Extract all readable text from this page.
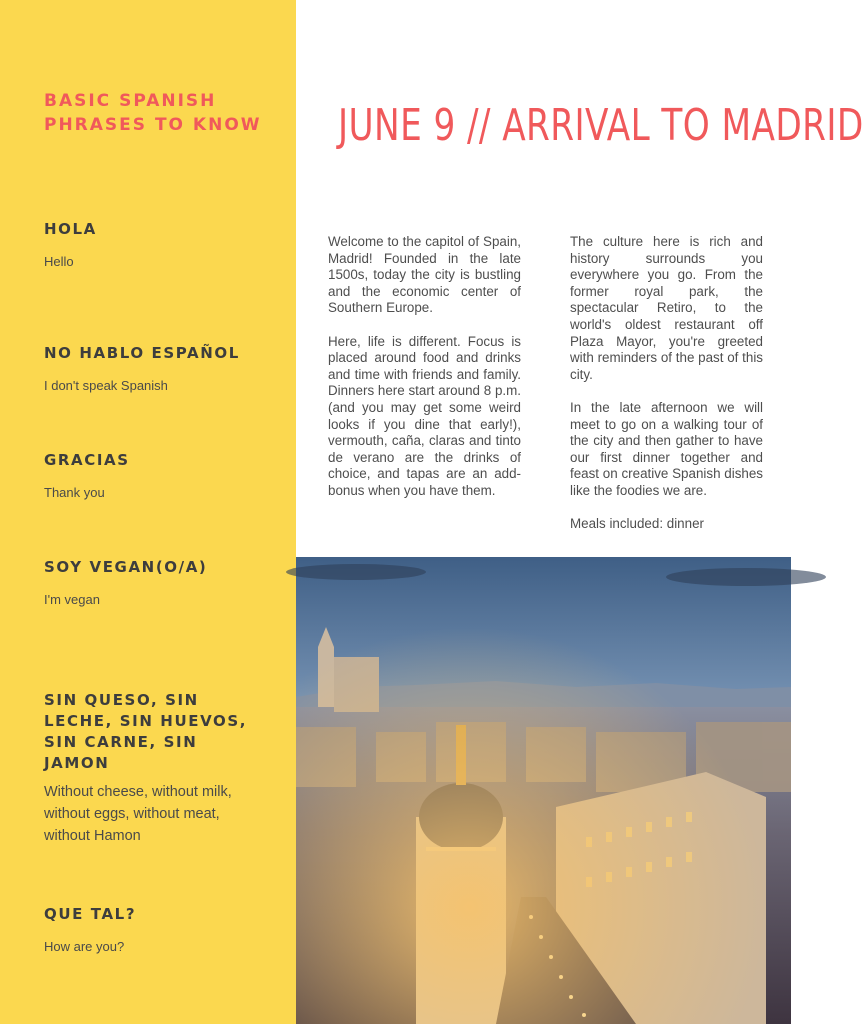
BASIC SPANISH PHRASES TO KNOW
HOLA

Hello

NO HABLO ESPAÑOL

I don't speak Spanish

GRACIAS

Thank you

SOY VEGAN(O/A)

I'm vegan

SIN QUESO, SIN LECHE, SIN HUEVOS, SIN CARNE, SIN JAMON

Without cheese, without milk, without eggs, without meat, without Hamon

QUE TAL?

How are you?

JUNE 9 // ARRIVAL TO MADRID

Welcome to the capitol of Spain, Madrid! Founded in the late 1500s, today the city is bustling and the economic center of Southern Europe.

Here, life is different. Focus is placed around food and drinks and time with friends and family. Dinners here start around 8 p.m. (and you may get some weird looks if you dine that early!), vermouth, caña, claras and tinto de verano are the drinks of choice, and tapas are an add-bonus when you have them.

The culture here is rich and history surrounds you everywhere you go. From the former royal park, the spectacular Retiro, to the world's oldest restaurant off Plaza Mayor, you're greeted with reminders of the past of this city.

In the late afternoon we will meet to go on a walking tour of the city and then gather to have our first dinner together and feast on creative Spanish dishes like the foodies we are.

Meals included: dinner
